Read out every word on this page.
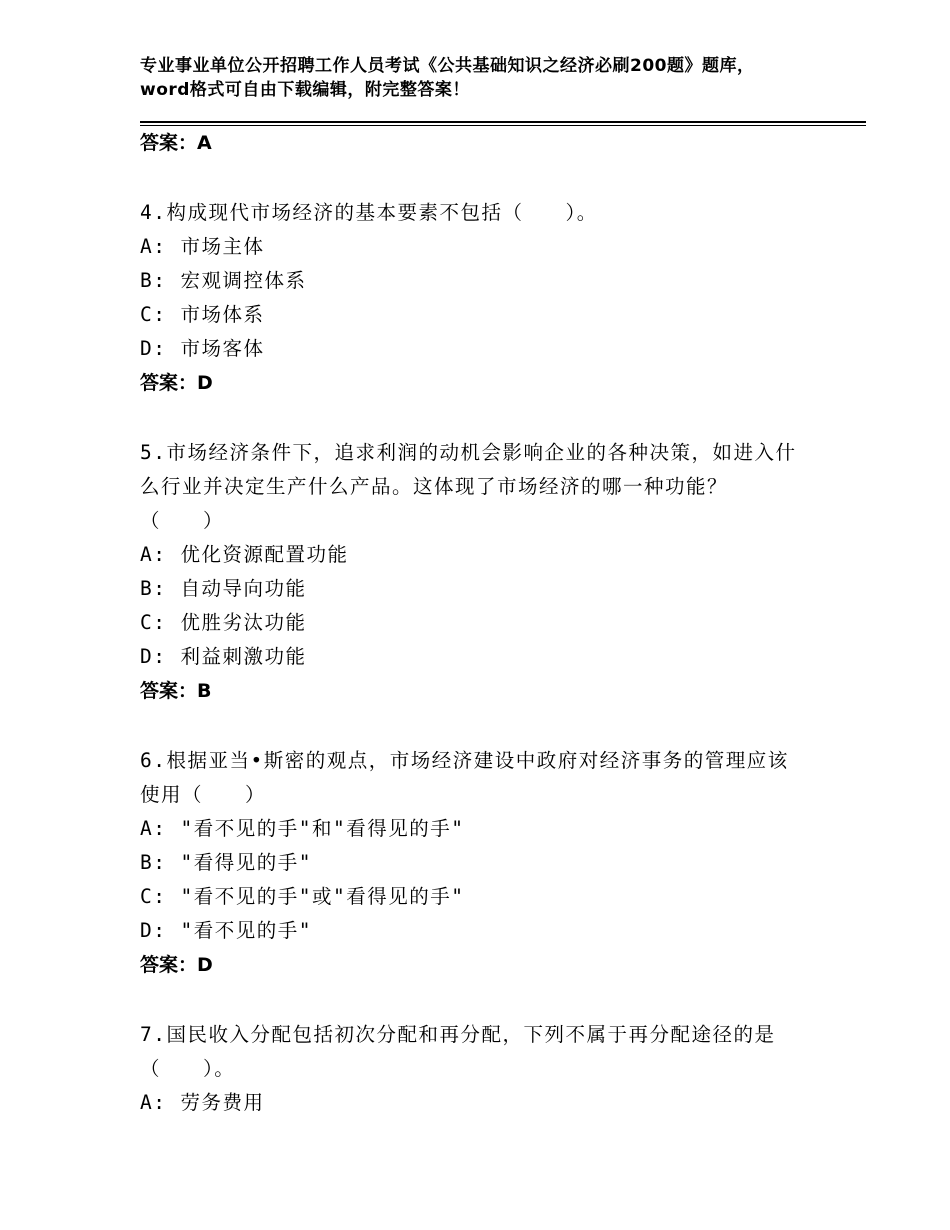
专业事业单位公开招聘工作人员考试《公共基础知识之经济必刷200题》题库，word格式可自由下载编辑，附完整答案！
答案：A
4.构成现代市场经济的基本要素不包括（　　）。
A: 市场主体
B: 宏观调控体系
C: 市场体系
D: 市场客体
答案：D
5.市场经济条件下，追求利润的动机会影响企业的各种决策，如进入什么行业并决定生产什么产品。这体现了市场经济的哪一种功能？（　　）
A: 优化资源配置功能
B: 自动导向功能
C: 优胜劣汰功能
D: 利益刺激功能
答案：B
6.根据亚当•斯密的观点，市场经济建设中政府对经济事务的管理应该使用（　　）
A: "看不见的手"和"看得见的手"
B: "看得见的手"
C: "看不见的手"或"看得见的手"
D: "看不见的手"
答案：D
7.国民收入分配包括初次分配和再分配，下列不属于再分配途径的是（　　）。
A: 劳务费用
